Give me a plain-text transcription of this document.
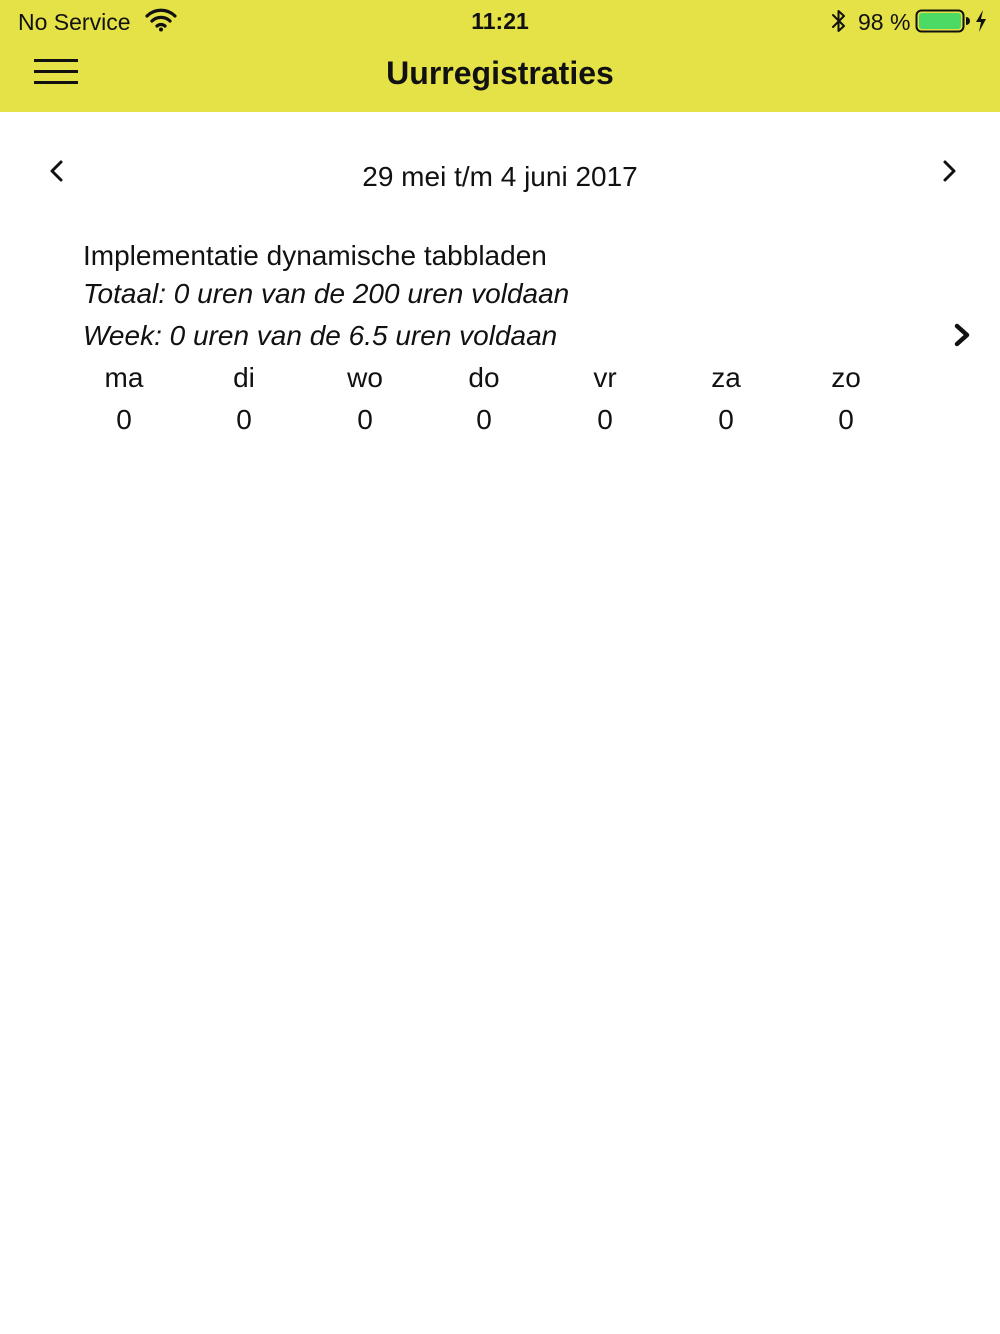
No Service	11:21	98 %
Uurregistraties
29 mei t/m 4 juni 2017
Implementatie dynamische tabbladen
Totaal: 0 uren van de 200 uren voldaan
Week: 0 uren van de 6.5 uren voldaan
ma	di	wo	do	vr	za	zo
0	0	0	0	0	0	0
